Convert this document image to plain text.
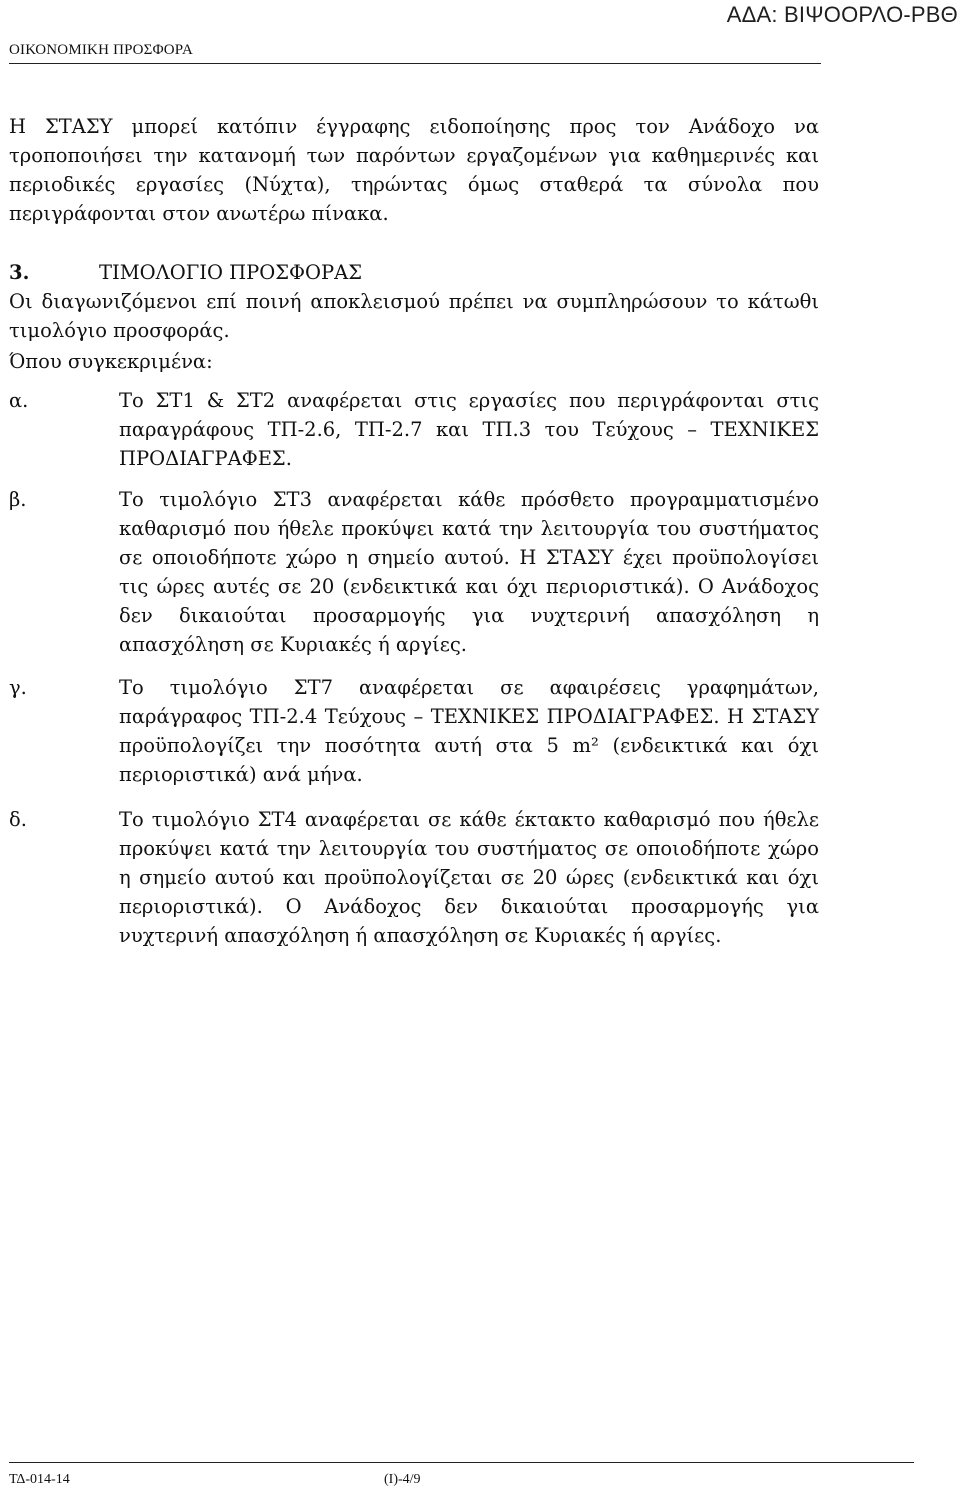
ΑΔΑ: ΒΙΨΟΟΡΛΟ-ΡΒΘ
ΟΙΚΟΝΟΜΙΚΗ ΠΡΟΣΦΟΡΑ

Η ΣΤΑΣΥ μπορεί κατόπιν έγγραφης ειδοποίησης προς τον Ανάδοχο να τροποποιήσει την κατανομή των παρόντων εργαζομένων για καθημερινές και περιοδικές εργασίες (Νύχτα), τηρώντας όμως σταθερά τα σύνολα που περιγράφονται στον ανωτέρω πίνακα.

3.	ΤΙΜΟΛΟΓΙΟ ΠΡΟΣΦΟΡΑΣ

Οι διαγωνιζόμενοι επί ποινή αποκλεισμού πρέπει να συμπληρώσουν το κάτωθι τιμολόγιο προσφοράς.

Όπου συγκεκριμένα:

α.	Το ΣΤ1 & ΣΤ2 αναφέρεται στις εργασίες που περιγράφονται στις παραγράφους ΤΠ-2.6, ΤΠ-2.7 και ΤΠ.3 του Τεύχους – ΤΕΧΝΙΚΕΣ ΠΡΟΔΙΑΓΡΑΦΕΣ.

β.	Το τιμολόγιο ΣΤ3 αναφέρεται κάθε πρόσθετο προγραμματισμένο καθαρισμό που ήθελε προκύψει κατά την λειτουργία του συστήματος σε οποιοδήποτε χώρο η σημείο αυτού. Η ΣΤΑΣΥ έχει προϋπολογίσει τις ώρες αυτές σε 20 (ενδεικτικά και όχι περιοριστικά). Ο Ανάδοχος δεν δικαιούται προσαρμογής για νυχτερινή απασχόληση η απασχόληση σε Κυριακές ή αργίες.

γ.	Το τιμολόγιο ΣΤ7 αναφέρεται σε αφαιρέσεις γραφημάτων, παράγραφος ΤΠ-2.4 Τεύχους – ΤΕΧΝΙΚΕΣ ΠΡΟΔΙΑΓΡΑΦΕΣ. Η ΣΤΑΣΥ προϋπολογίζει την ποσότητα αυτή στα 5 m² (ενδεικτικά και όχι περιοριστικά) ανά μήνα.

δ.	Το τιμολόγιο ΣΤ4 αναφέρεται σε κάθε έκτακτο καθαρισμό που ήθελε προκύψει κατά την λειτουργία του συστήματος σε οποιοδήποτε χώρο η σημείο αυτού και προϋπολογίζεται σε 20 ώρες (ενδεικτικά και όχι περιοριστικά). Ο Ανάδοχος δεν δικαιούται προσαρμογής για νυχτερινή απασχόληση ή απασχόληση σε Κυριακές ή αργίες.

ΤΔ-014-14	(Ι)-4/9
